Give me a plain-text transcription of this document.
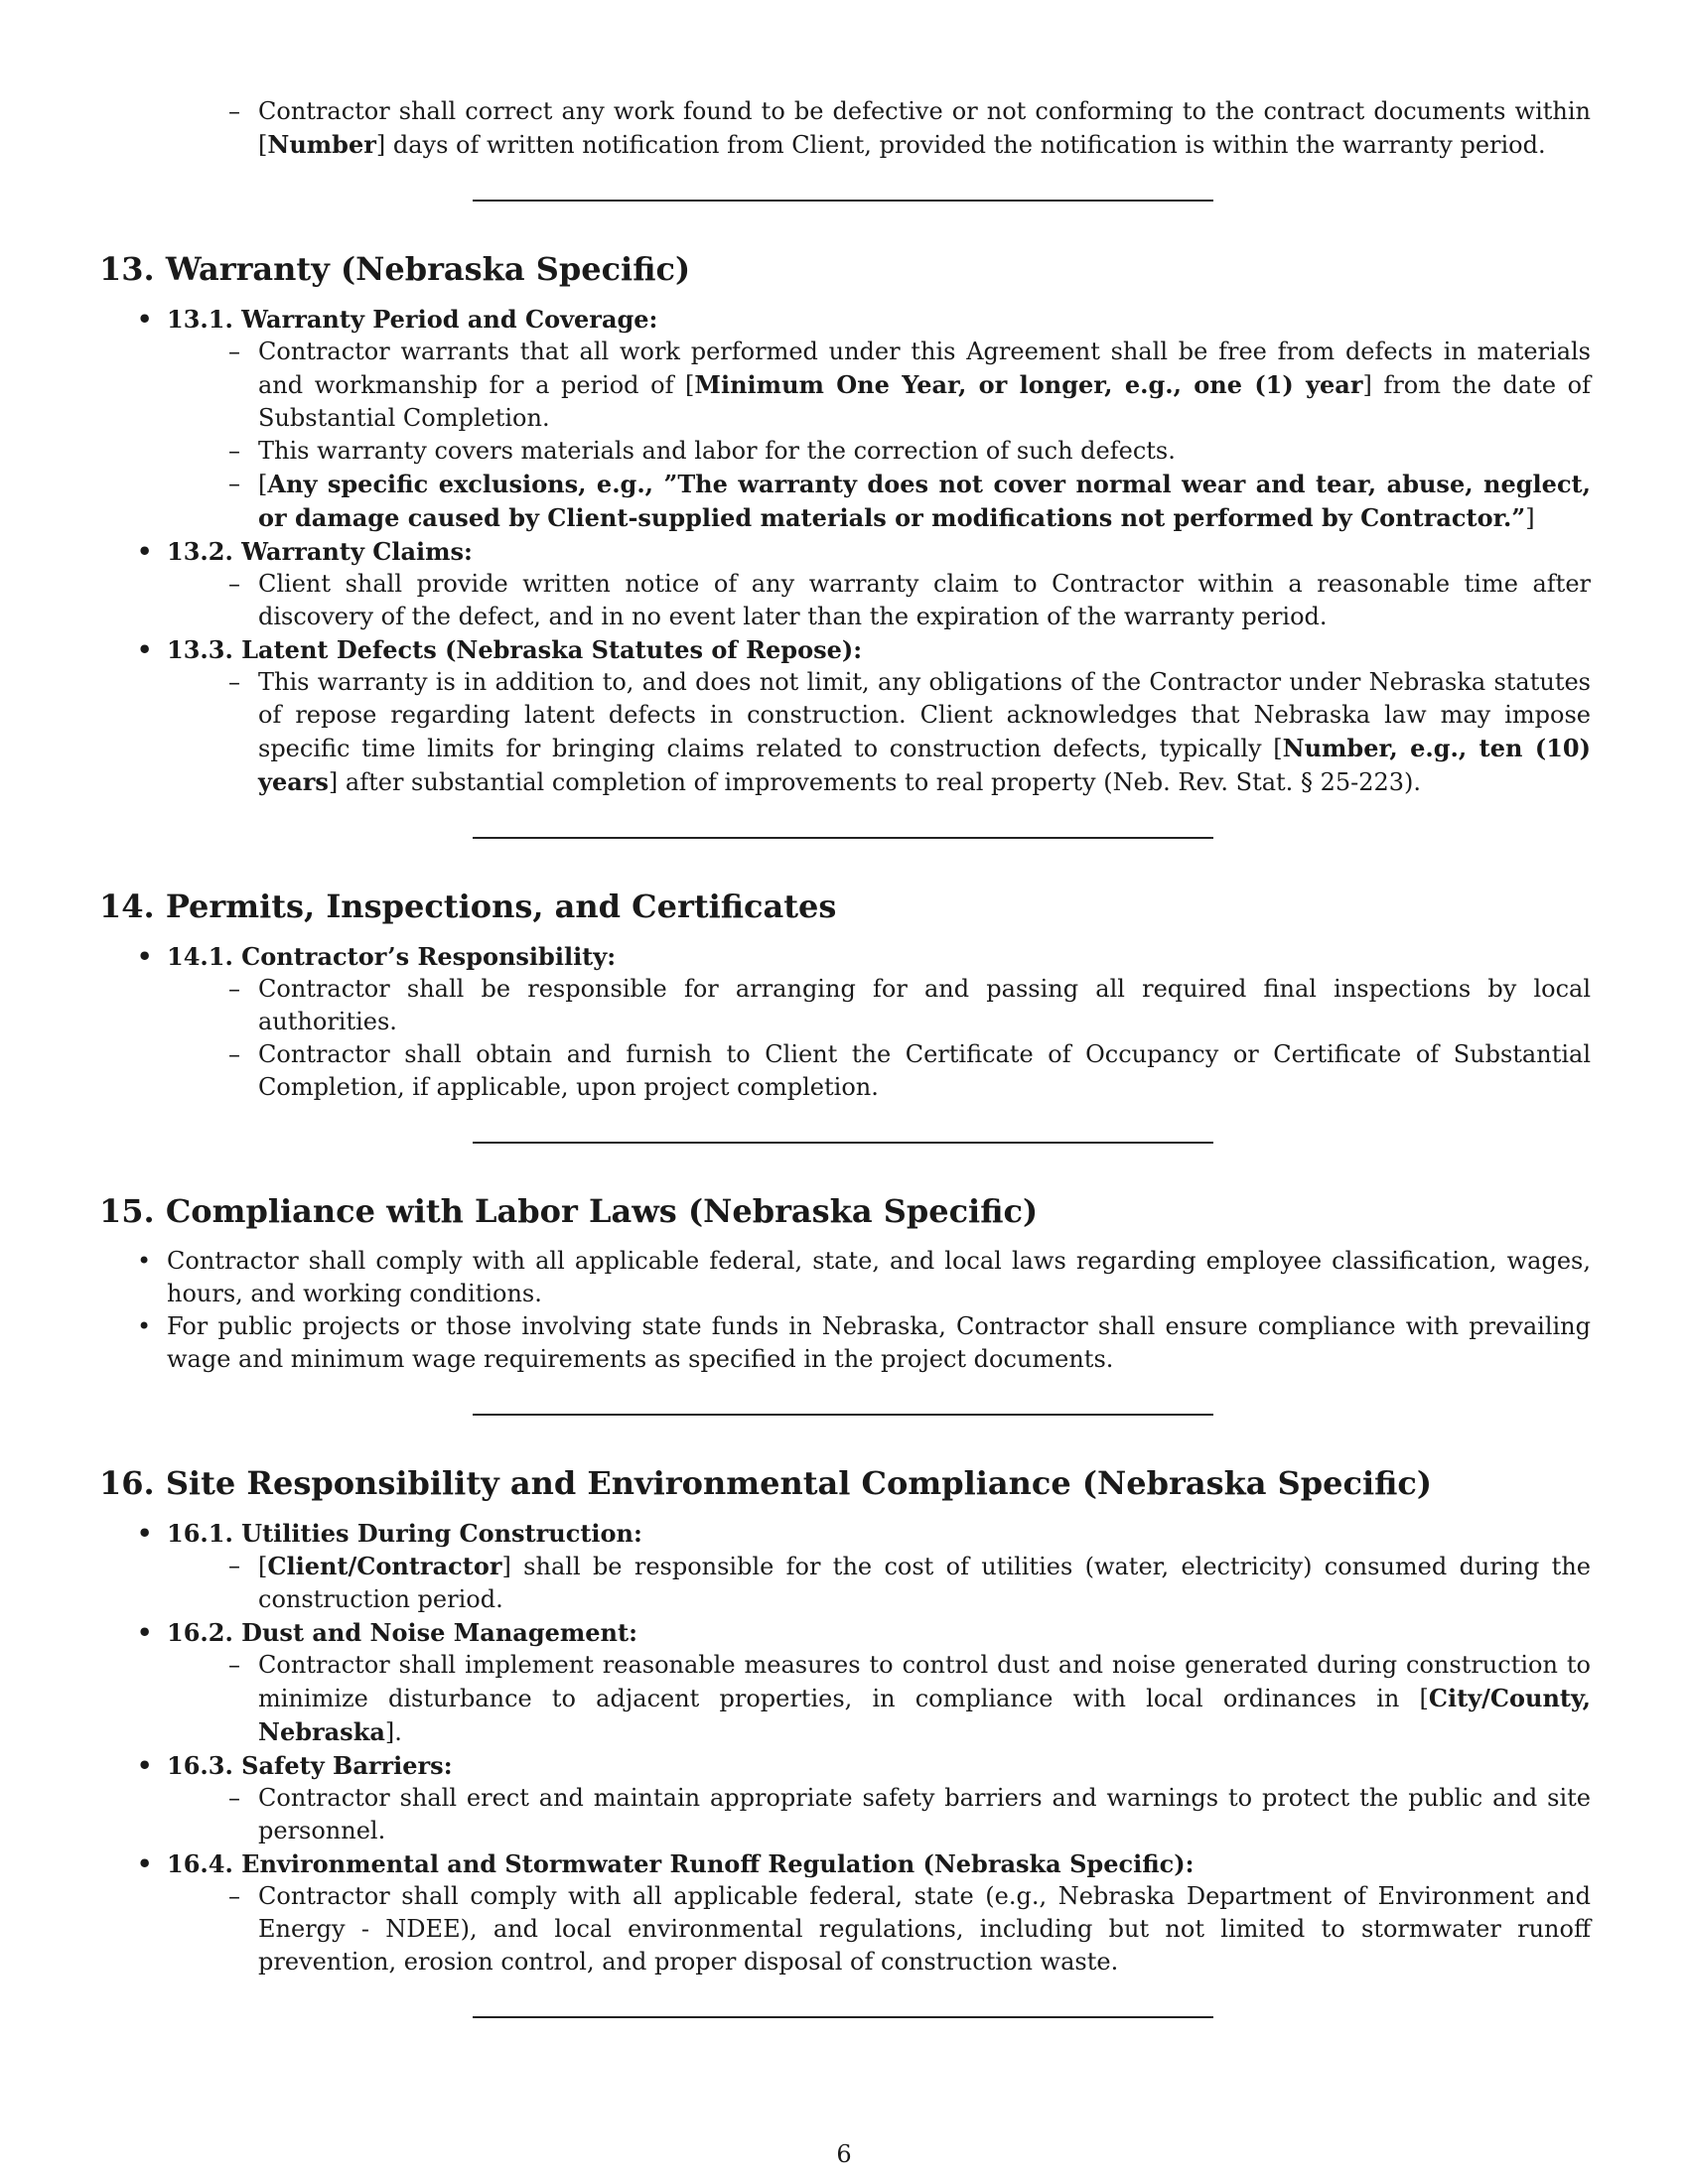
– Contractor shall correct any work found to be defective or not conforming to the contract documents within [Number] days of written notification from Client, provided the notification is within the warranty period.
13. Warranty (Nebraska Specific)
• 13.1. Warranty Period and Coverage:
– Contractor warrants that all work performed under this Agreement shall be free from defects in materials and workmanship for a period of [Minimum One Year, or longer, e.g., one (1) year] from the date of Substantial Completion.
– This warranty covers materials and labor for the correction of such defects.
– [Any specific exclusions, e.g., ”The warranty does not cover normal wear and tear, abuse, neglect, or damage caused by Client-supplied materials or modifications not performed by Contractor.”]
• 13.2. Warranty Claims:
– Client shall provide written notice of any warranty claim to Contractor within a reasonable time after discovery of the defect, and in no event later than the expiration of the warranty period.
• 13.3. Latent Defects (Nebraska Statutes of Repose):
– This warranty is in addition to, and does not limit, any obligations of the Contractor under Nebraska statutes of repose regarding latent defects in construction. Client acknowledges that Nebraska law may impose specific time limits for bringing claims related to construction defects, typically [Number, e.g., ten (10) years] after substantial completion of improvements to real property (Neb. Rev. Stat. § 25-223).
14. Permits, Inspections, and Certificates
• 14.1. Contractor’s Responsibility:
– Contractor shall be responsible for arranging for and passing all required final inspections by local authorities.
– Contractor shall obtain and furnish to Client the Certificate of Occupancy or Certificate of Substantial Completion, if applicable, upon project completion.
15. Compliance with Labor Laws (Nebraska Specific)
• Contractor shall comply with all applicable federal, state, and local laws regarding employee classification, wages, hours, and working conditions.
• For public projects or those involving state funds in Nebraska, Contractor shall ensure compliance with prevailing wage and minimum wage requirements as specified in the project documents.
16. Site Responsibility and Environmental Compliance (Nebraska Specific)
• 16.1. Utilities During Construction:
– [Client/Contractor] shall be responsible for the cost of utilities (water, electricity) consumed during the construction period.
• 16.2. Dust and Noise Management:
– Contractor shall implement reasonable measures to control dust and noise generated during construction to minimize disturbance to adjacent properties, in compliance with local ordinances in [City/County, Nebraska].
• 16.3. Safety Barriers:
– Contractor shall erect and maintain appropriate safety barriers and warnings to protect the public and site personnel.
• 16.4. Environmental and Stormwater Runoff Regulation (Nebraska Specific):
– Contractor shall comply with all applicable federal, state (e.g., Nebraska Department of Environment and Energy - NDEE), and local environmental regulations, including but not limited to stormwater runoff prevention, erosion control, and proper disposal of construction waste.
6
